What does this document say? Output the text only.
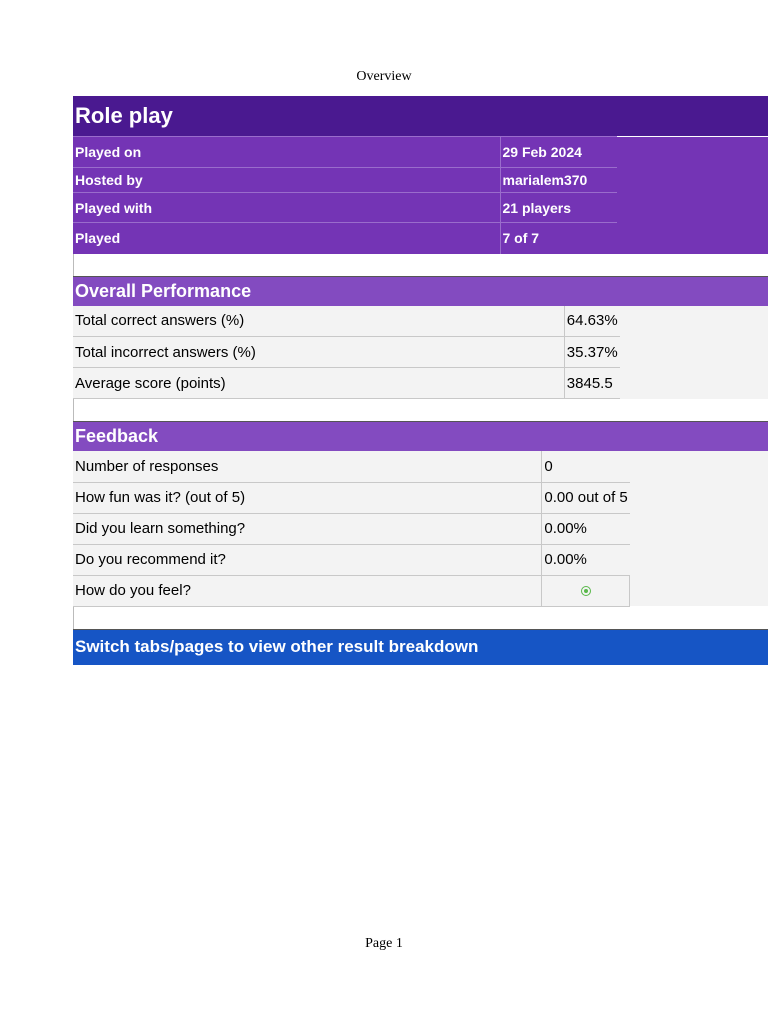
Overview
Role play
Played on	29 Feb 2024	
Hosted by	marialem370	
Played with	21 players	
Played	7 of 7	
Overall Performance
Total correct answers (%)	64.63%	
Total incorrect answers (%)	35.37%	
Average score (points)	3845.5	
Feedback
Number of responses	0	
How fun was it? (out of 5)	0.00 out of 5	
Did you learn something?	0.00%	
Do you recommend it?	0.00%	
How do you feel?		
Switch tabs/pages to view other result breakdown
Page 1
